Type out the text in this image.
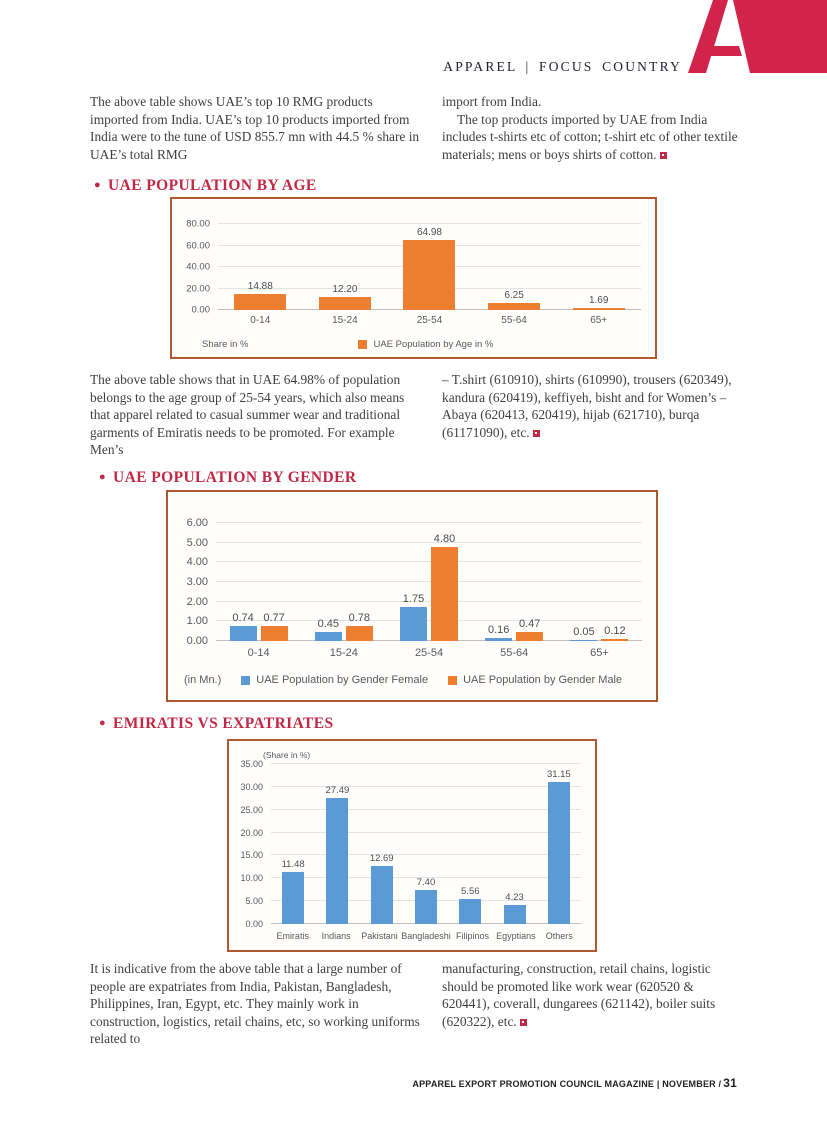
APPAREL | FOCUS COUNTRY
The above table shows UAE’s top 10 RMG products imported from India. UAE’s top 10 products imported from India were to the tune of USD 855.7 mn with 44.5 % share in UAE’s total RMG
import from India.
The top products imported by UAE from India includes t-shirts etc of cotton; t-shirt etc of other textile materials; mens or boys shirts of cotton.
● UAE POPULATION BY AGE
80.00
60.00
40.00
20.00
0.00
14.88	12.20
64.98
6.25	1.69
0-14	15-24	25-54	55-64	65+
Share in %	UAE Population by Age in %
The above table shows that in UAE 64.98% of population belongs to the age group of 25-54 years, which also means that apparel related to casual summer wear and traditional garments of Emiratis needs to be promoted. For example Men’s
– T.shirt (610910), shirts (610990), trousers (620349), kandura (620419), keffiyeh, bisht and for Women’s – Abaya (620413, 620419), hijab (621710), burqa (61171090), etc.
● UAE POPULATION BY GENDER
6.00
5.00
4.00
3.00
2.00
1.00
0.00
0.74 0.77
0.45
0.78
1.75
4.80
0.16
0.47
0.05 0.12
0-14	15-24	25-54	55-64	65+
(in Mn.)	UAE Population by Gender Female	UAE Population by Gender Male
● EMIRATIS VS EXPATRIATES
(Share in %)
35.00
30.00
25.00
20.00
15.00
10.00
5.00
0.00
11.48
27.49
12.69
7.40
5.56
4.23
31.15
Emiratis	Indians	Pakistani Bangladeshi Filipinos Egyptians	Others
It is indicative from the above table that a large number of people are expatriates from India, Pakistan, Bangladesh, Philippines, Iran, Egypt, etc. They mainly work in construction, logistics, retail chains, etc, so working uniforms related to
manufacturing, construction, retail chains, logistic should be promoted like work wear (620520 & 620441), coverall, dungarees (621142), boiler suits (620322), etc.
APPAREL EXPORT PROMOTION COUNCIL MAGAZINE | NOVEMBER / 31
